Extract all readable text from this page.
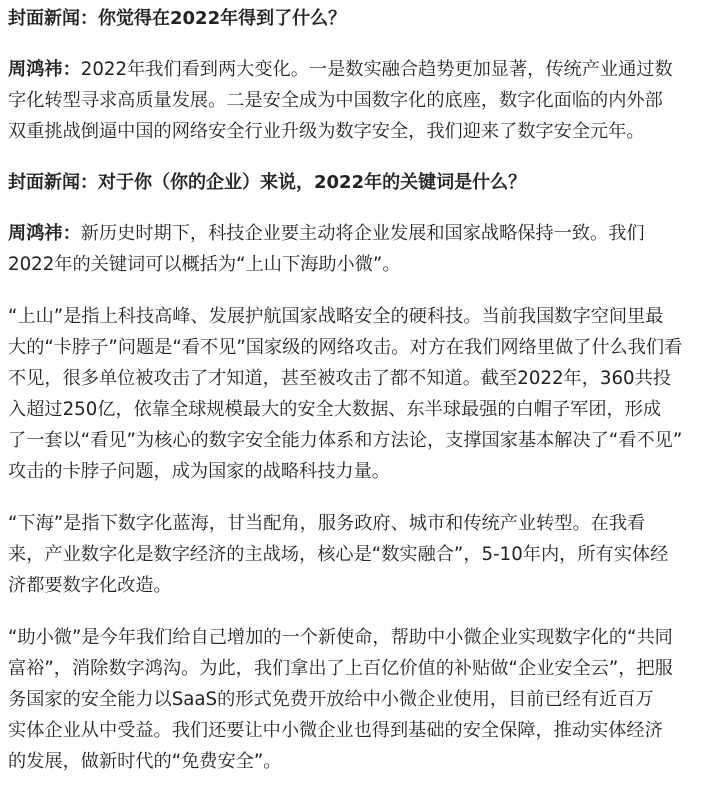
封面新闻：你觉得在2022年得到了什么？

周鸿祎：2022年我们看到两大变化。一是数实融合趋势更加显著，传统产业通过数
字化转型寻求高质量发展。二是安全成为中国数字化的底座，数字化面临的内外部
双重挑战倒逼中国的网络安全行业升级为数字安全，我们迎来了数字安全元年。

封面新闻：对于你（你的企业）来说，2022年的关键词是什么？

周鸿祎：新历史时期下，科技企业要主动将企业发展和国家战略保持一致。我们
2022年的关键词可以概括为“上山下海助小微”。

“上山”是指上科技高峰、发展护航国家战略安全的硬科技。当前我国数字空间里最
大的“卡脖子”问题是“看不见”国家级的网络攻击。对方在我们网络里做了什么我们看
不见，很多单位被攻击了才知道，甚至被攻击了都不知道。截至2022年，360共投
入超过250亿，依靠全球规模最大的安全大数据、东半球最强的白帽子军团，形成
了一套以“看见”为核心的数字安全能力体系和方法论，支撑国家基本解决了“看不见”
攻击的卡脖子问题，成为国家的战略科技力量。

“下海”是指下数字化蓝海，甘当配角，服务政府、城市和传统产业转型。在我看
来，产业数字化是数字经济的主战场，核心是“数实融合”，5-10年内，所有实体经
济都要数字化改造。

“助小微”是今年我们给自己增加的一个新使命，帮助中小微企业实现数字化的“共同
富裕”，消除数字鸿沟。为此，我们拿出了上百亿价值的补贴做“企业安全云”，把服
务国家的安全能力以SaaS的形式免费开放给中小微企业使用，目前已经有近百万
实体企业从中受益。我们还要让中小微企业也得到基础的安全保障，推动实体经济
的发展，做新时代的“免费安全”。
